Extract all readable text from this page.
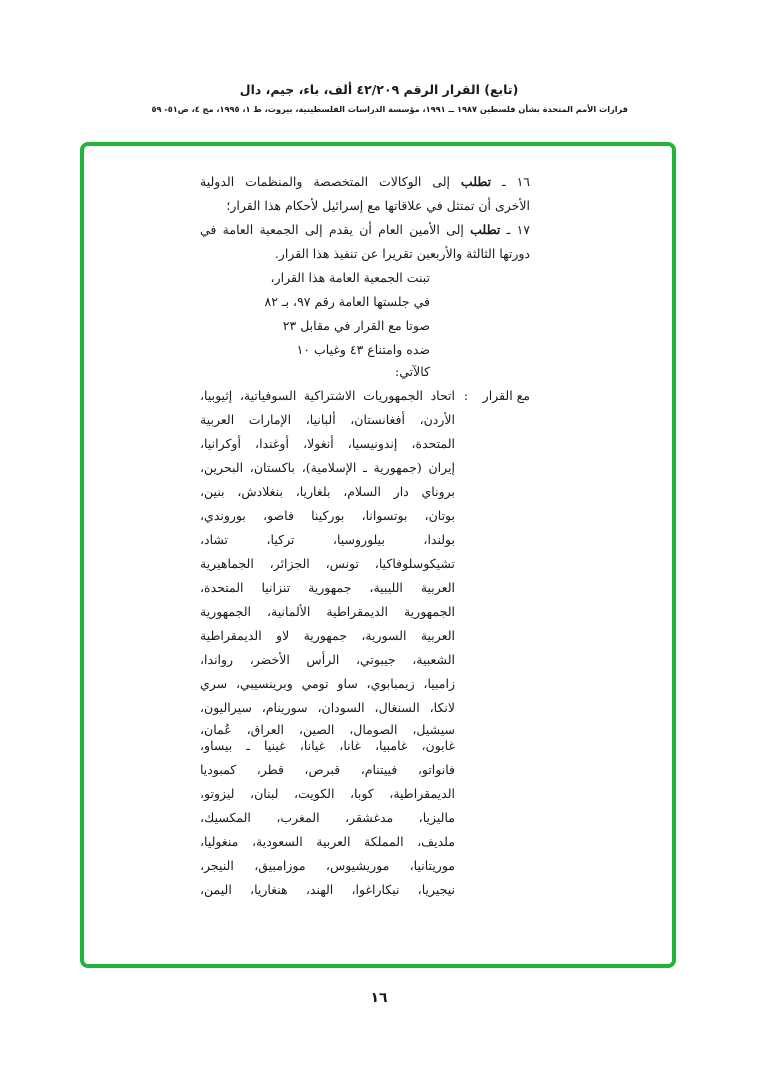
(تابع) القرار الرقم ٤٢/٢٠٩ ألف، باء، جيم، دال
قرارات الأمم المتحدة بشأن فلسطين ١٩٨٧ ــ ١٩٩١، مؤسسة الدراسات الفلسطينية، بيروت، ط ١، ١٩٩٥، مج ٤، ص٥١- ٥٩
١٦ ـ تطلب إلى الوكالات المتخصصة والمنظمات الدولية
الأخرى أن تمتثل في علاقاتها مع إسرائيل لأحكام هذا القرار؛
١٧ ـ تطلب إلى الأمين العام أن يقدم إلى الجمعية العامة في
دورتها الثالثة والأربعين تقريرا عن تنفيذ هذا القرار.
تبنت الجمعية العامة هذا القرار،
في جلستها العامة رقم ٩٧، بـ ٨٢
صوتا مع القرار في مقابل ٢٣
ضده وامتناع ٤٣ وغياب ١٠
كالآتي:
مع القرار
:
اتحاد الجمهوريات الاشتراكية السوفياتية، إثيوبيا،
الأردن، أفغانستان، ألبانيا، الإمارات العربية
المتحدة، إندونيسيا، أنغولا، أوغندا، أوكرانيا،
إيران (جمهورية ـ الإسلامية)، باكستان، البحرين،
بروناي دار السلام، بلغاريا، بنغلادش، بنين،
بوتان، بوتسوانا، بوركينا فاصو، بوروندي،
بولندا، بيلوروسيا، تركيا، تشاد،
تشيكوسلوفاكيا، تونس، الجزائر، الجماهيرية
العربية الليبية، جمهورية تنزانيا المتحدة،
الجمهورية الديمقراطية الألمانية، الجمهورية
العربية السورية، جمهورية لاو الديمقراطية
الشعبية، جيبوتي، الرأس الأخضر، رواندا،
زامبيا، زيمبابوي، ساو تومي وبرينسيبي، سري
لانكا، السنغال، السودان، سورينام، سيراليون،
سيشيل، الصومال، الصين، العراق، عُمان،
غابون، غامبيا، غانا، غيانا، غينيا ـ بيساو،
فانواتو، فييتنام، قبرص، قطر، كمبوديا
الديمقراطية، كوبا، الكويت، لبنان، ليزوتو،
ماليزيا، مدغشقر، المغرب، المكسيك،
ملديف، المملكة العربية السعودية، منغوليا،
موريتانيا، موريشيوس، موزامبيق، النيجر،
نيجيريا، نيكاراغوا، الهند، هنغاريا، اليمن،
١٦
